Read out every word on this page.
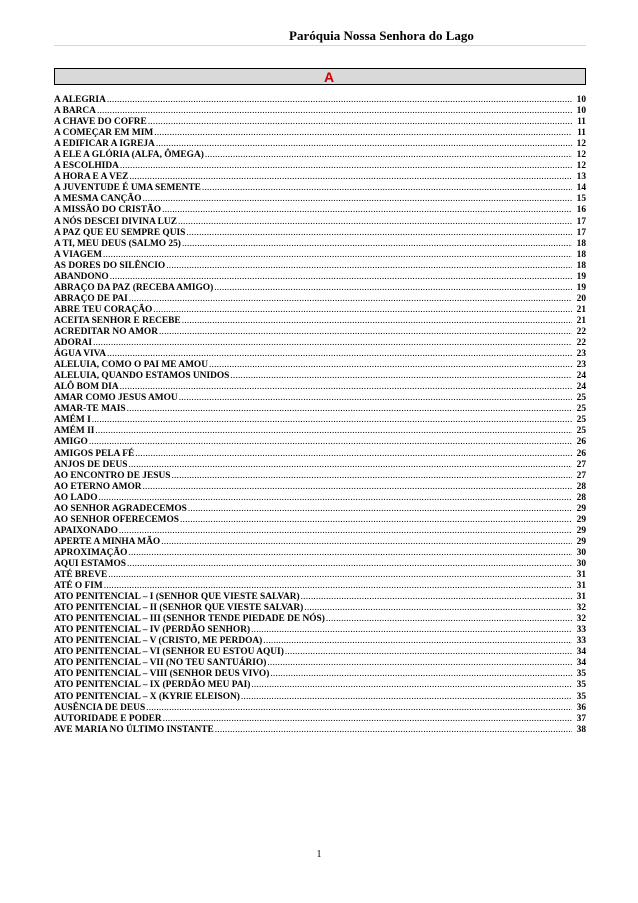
Paróquia Nossa Senhora do Lago
A
A ALEGRIA .....	10
A BARCA .....	10
A CHAVE DO COFRE .....	11
A COMEÇAR EM MIM .....	11
A EDIFICAR A IGREJA .....	12
A ELE A GLÓRIA (ALFA, ÔMEGA) .....	12
A ESCOLHIDA .....	12
A HORA E A VEZ .....	13
A JUVENTUDE É UMA SEMENTE .....	14
A MESMA CANÇÃO .....	15
A MISSÃO DO CRISTÃO .....	16
A NÓS DESCEI DIVINA LUZ .....	17
A PAZ QUE EU SEMPRE QUIS .....	17
A TI, MEU DEUS (SALMO 25) .....	18
A VIAGEM .....	18
AS DORES DO SILÊNCIO .....	18
ABANDONO .....	19
ABRAÇO DA PAZ (RECEBA AMIGO) .....	19
ABRAÇO DE PAI .....	20
ABRE TEU CORAÇÃO .....	21
ACEITA SENHOR E RECEBE .....	21
ACREDITAR NO AMOR .....	22
ADORAI .....	22
ÁGUA VIVA .....	23
ALELUIA, COMO O PAI ME AMOU .....	23
ALELUIA, QUANDO ESTAMOS UNIDOS .....	24
ALÔ BOM DIA .....	24
AMAR COMO JESUS AMOU .....	25
AMAR-TE MAIS .....	25
AMÉM I .....	25
AMÉM II .....	25
AMIGO .....	26
AMIGOS PELA FÉ .....	26
ANJOS DE DEUS .....	27
AO ENCONTRO DE JESUS .....	27
AO ETERNO AMOR .....	28
AO LADO .....	28
AO SENHOR AGRADECEMOS .....	29
AO SENHOR OFERECEMOS .....	29
APAIXONADO .....	29
APERTE A MINHA MÃO .....	29
APROXIMAÇÃO .....	30
AQUI ESTAMOS .....	30
ATÉ BREVE .....	31
ATÉ O FIM .....	31
ATO PENITENCIAL – I (SENHOR QUE VIESTE SALVAR) .....	31
ATO PENITENCIAL – II (SENHOR QUE VIESTE SALVAR) .....	32
ATO PENITENCIAL – III (SENHOR TENDE PIEDADE DE NÓS) .....	32
ATO PENITENCIAL – IV (PERDÃO SENHOR) .....	33
ATO PENITENCIAL – V (CRISTO, ME PERDOA) .....	33
ATO PENITENCIAL – VI (SENHOR EU ESTOU AQUI) .....	34
ATO PENITENCIAL – VII (NO TEU SANTUÁRIO) .....	34
ATO PENITENCIAL – VIII (SENHOR DEUS VIVO) .....	35
ATO PENITENCIAL – IX (PERDÃO MEU PAI) .....	35
ATO PENITENCIAL – X (KYRIE ELEISON) .....	35
AUSÊNCIA DE DEUS .....	36
AUTORIDADE E PODER .....	37
AVE MARIA NO ÚLTIMO INSTANTE .....	38
1
